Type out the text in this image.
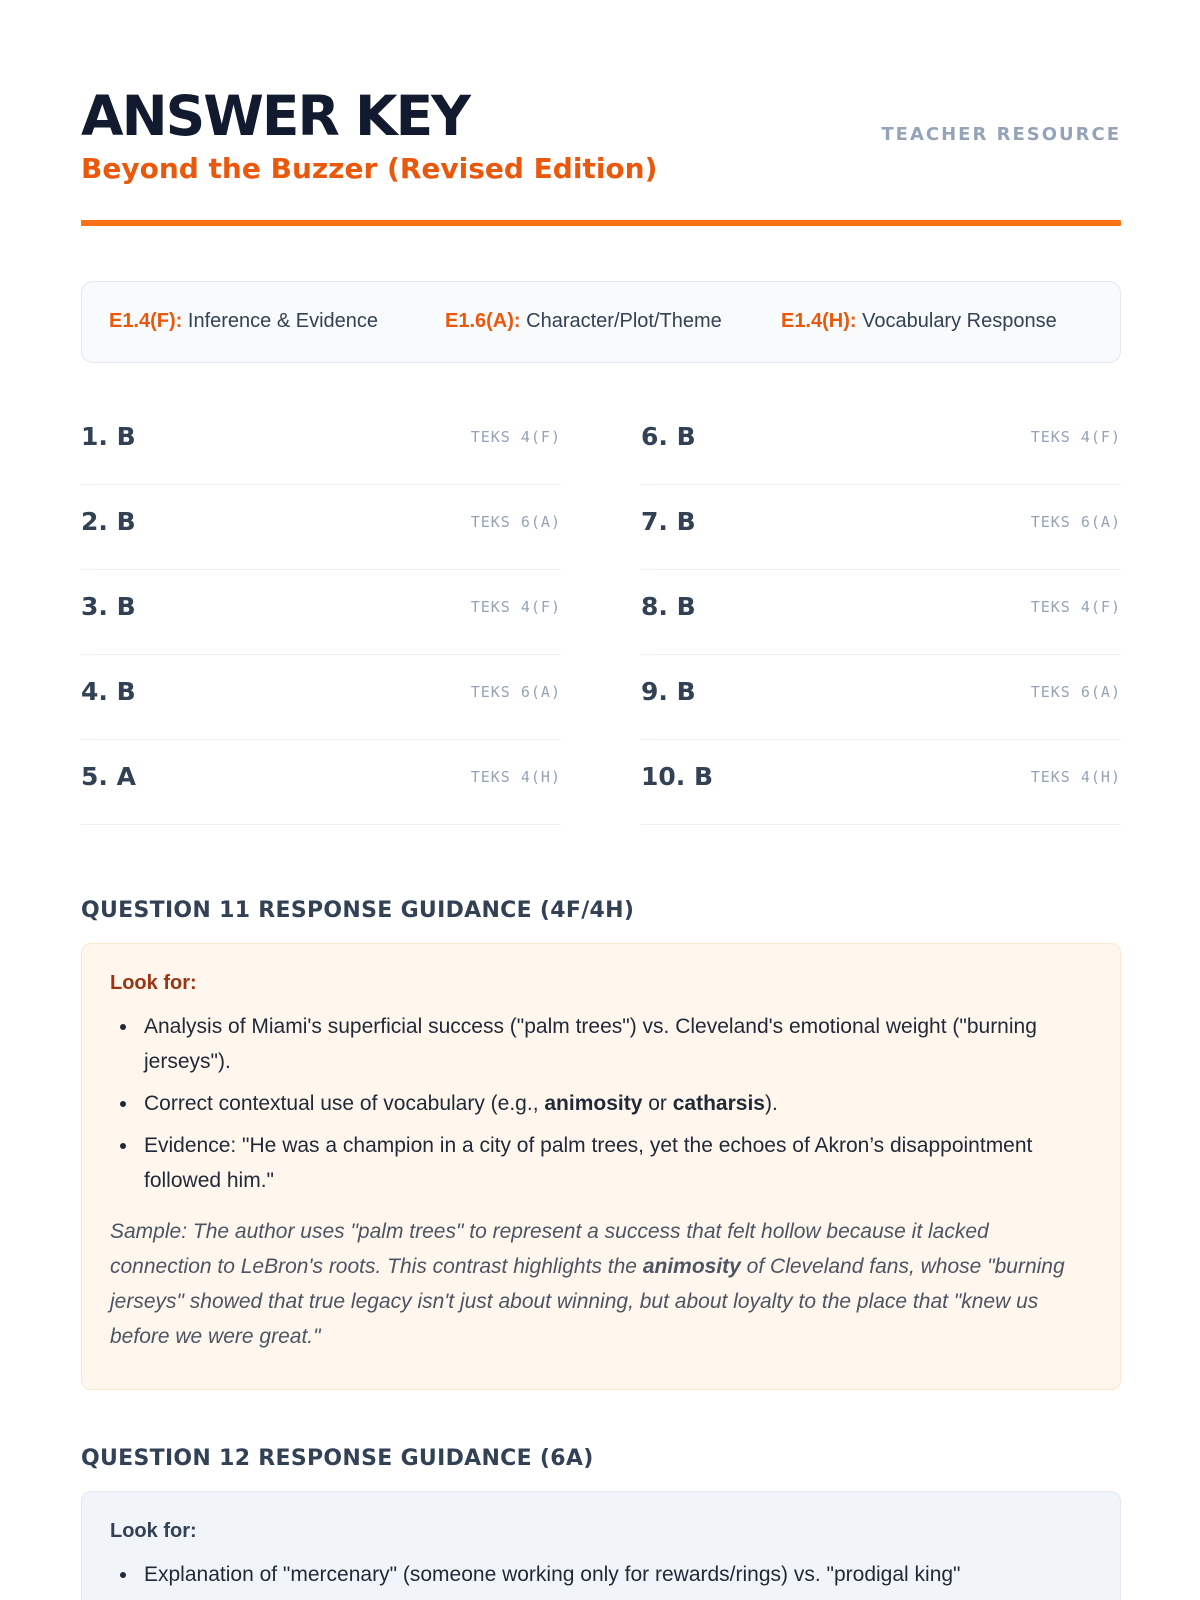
ANSWER KEY
Beyond the Buzzer (Revised Edition)
TEACHER RESOURCE
E1.4(F): Inference & Evidence	E1.6(A): Character/Plot/Theme	E1.4(H): Vocabulary Response
1. B	TEKS 4(F)
2. B	TEKS 6(A)
3. B	TEKS 4(F)
4. B	TEKS 6(A)
5. A	TEKS 4(H)
6. B	TEKS 4(F)
7. B	TEKS 6(A)
8. B	TEKS 4(F)
9. B	TEKS 6(A)
10. B	TEKS 4(H)
QUESTION 11 RESPONSE GUIDANCE (4F/4H)
Look for:
Analysis of Miami's superficial success ("palm trees") vs. Cleveland's emotional weight ("burning jerseys").
Correct contextual use of vocabulary (e.g., animosity or catharsis).
Evidence: "He was a champion in a city of palm trees, yet the echoes of Akron’s disappointment followed him."

Sample: The author uses "palm trees" to represent a success that felt hollow because it lacked connection to LeBron's roots. This contrast highlights the animosity of Cleveland fans, whose "burning jerseys" showed that true legacy isn't just about winning, but about loyalty to the place that "knew us before we were great."

QUESTION 12 RESPONSE GUIDANCE (6A)
Look for:
Explanation of "mercenary" (someone working only for rewards/rings) vs. "prodigal king"
